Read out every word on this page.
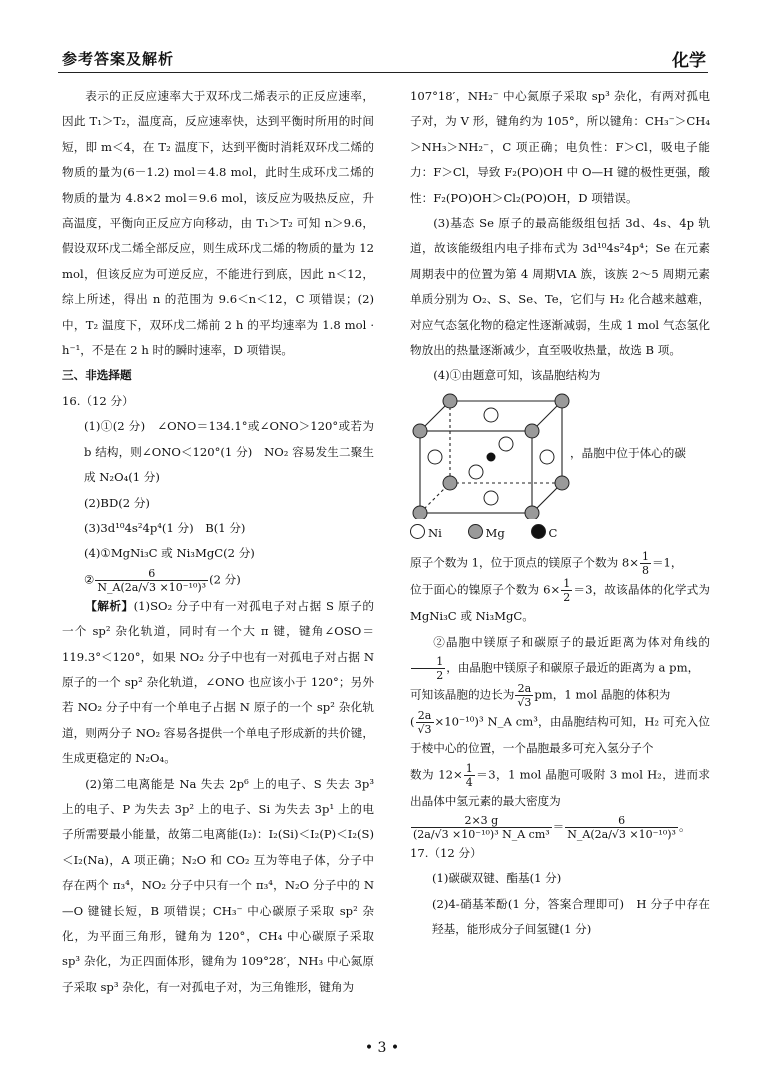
参考答案及解析	化学

表示的正反应速率大于双环戊二烯表示的正反应速率，因此 T₁＞T₂，温度高，反应速率快，达到平衡时所用的时间短，即 m＜4，在 T₂ 温度下，达到平衡时消耗双环戊二烯的物质的量为(6－1.2) mol＝4.8 mol，此时生成环戊二烯的物质的量为 4.8×2 mol＝9.6 mol，该反应为吸热反应，升高温度，平衡向正反应方向移动，由 T₁＞T₂ 可知 n＞9.6，假设双环戊二烯全部反应，则生成环戊二烯的物质的量为 12 mol，但该反应为可逆反应，不能进行到底，因此 n＜12，综上所述，得出 n 的范围为 9.6＜n＜12，C 项错误；(2)中，T₂ 温度下，双环戊二烯前 2 h 的平均速率为 1.8 mol · h⁻¹，不是在 2 h 时的瞬时速率，D 项错误。

三、非选择题

16.（12 分）

(1)①(2 分)　∠ONO＝134.1°或∠ONO＞120°或若为 b 结构，则∠ONO＜120°(1 分)　NO₂ 容易发生二聚生成 N₂O₄(1 分)

(2)BD(2 分)

(3)3d¹⁰4s²4p⁴(1 分)　B(1 分)

(4)①MgNi₃C 或 Ni₃MgC(2 分)

② $\frac{6}{\text{N\_A(2a/√3 ×10⁻¹⁰)³}} (2$ 分)

【解析】(1)SO₂ 分子中有一对孤电子对占据 S 原子的一个 sp² 杂化轨道，同时有一个大 π 键，键角∠OSO＝119.3°＜120°，如果 NO₂ 分子中也有一对孤电子对占据 N 原子的一个 sp² 杂化轨道，∠ONO 也应该小于 120°；另外若 NO₂ 分子中有一个单电子占据 N 原子的一个 sp² 杂化轨道，则两分子 NO₂ 容易各提供一个单电子形成新的共价键，生成更稳定的 N₂O₄。

(2)第二电离能是 Na 失去 2p⁶ 上的电子、S 失去 3p³ 上的电子、P 为失去 3p² 上的电子、Si 为失去 3p¹ 上的电子所需要最小能量，故第二电离能(I₂)：I₂(Si)＜I₂(P)＜I₂(S)＜I₂(Na)，A 项正确；N₂O 和 CO₂ 互为等电子体，分子中存在两个 π₃⁴，NO₂ 分子中只有一个 π₃⁴，N₂O 分子中的 N—O 键键长短，B 项错误；CH₃⁻ 中心碳原子采取 sp² 杂化，为平面三角形，键角为 120°，CH₄ 中心碳原子采取 sp³ 杂化，为正四面体形，键角为 109°28′，NH₃ 中心氮原子采取 sp³ 杂化，有一对孤电子对，为三角锥形，键角为

107°18′，NH₂⁻ 中心氮原子采取 sp³ 杂化，有两对孤电子对，为 V 形，键角约为 105°，所以键角：CH₃⁻＞CH₄＞NH₃＞NH₂⁻，C 项正确；电负性：F＞Cl，吸电子能力：F＞Cl，导致 F₂(PO)OH 中 O—H 键的极性更强，酸性：F₂(PO)OH＞Cl₂(PO)OH，D 项错误。

(3)基态 Se 原子的最高能级组包括 3d、4s、4p 轨道，故该能级组内电子排布式为 3d¹⁰4s²4p⁴；Se 在元素周期表中的位置为第 4 周期ⅥA 族，该族 2～5 周期元素单质分别为 O₂、S、Se、Te，它们与 H₂ 化合越来越难，对应气态氢化物的稳定性逐渐减弱，生成 1 mol 气态氢化物放出的热量逐渐减少，直至吸收热量，故选 B 项。

(4)①由题意可知，该晶胞结构为

，晶胞中位于体心的碳
Ni	Mg	C

原子个数为 1，位于顶点的镁原子个数为 $8\times \frac{1}{8} =1$，

位于面心的镍原子个数为 $6\times \frac{1}{2} =3$，故该晶体的化学式为 MgNi₃C 或 Ni₃MgC。

②晶胞中镁原子和碳原子的最近距离为体对角线的
$\frac{1}{2}$ ，由晶胞中镁原子和碳原子最近的距离为 a pm，

可知该晶胞的边长为 $\frac{2a}{√3}$ pm，1 mol 晶胞的体积为

( $\frac{2a}{√3} \times 10^{-10})^3$ N_A cm³，由晶胞结构可知，H₂ 可充入位于棱中心的位置，一个晶胞最多可充入氢分子个

数为 $12\times \frac{1}{4} =3$，1 mol 晶胞可吸附 3 mol H₂，进而求出晶体中氢元素的最大密度为

$\frac{2\times 3 g}{\text{(2a/√3 ×10⁻¹⁰)³ N\_A cm³}} = \frac{6}{\text{N\_A(2a/√3 ×10⁻¹⁰)³}}$ 。

17.（12 分）

(1)碳碳双键、酯基(1 分)

(2)4-硝基苯酚(1 分，答案合理即可)　H 分子中存在羟基，能形成分子间氢键(1 分)

• 3 •
